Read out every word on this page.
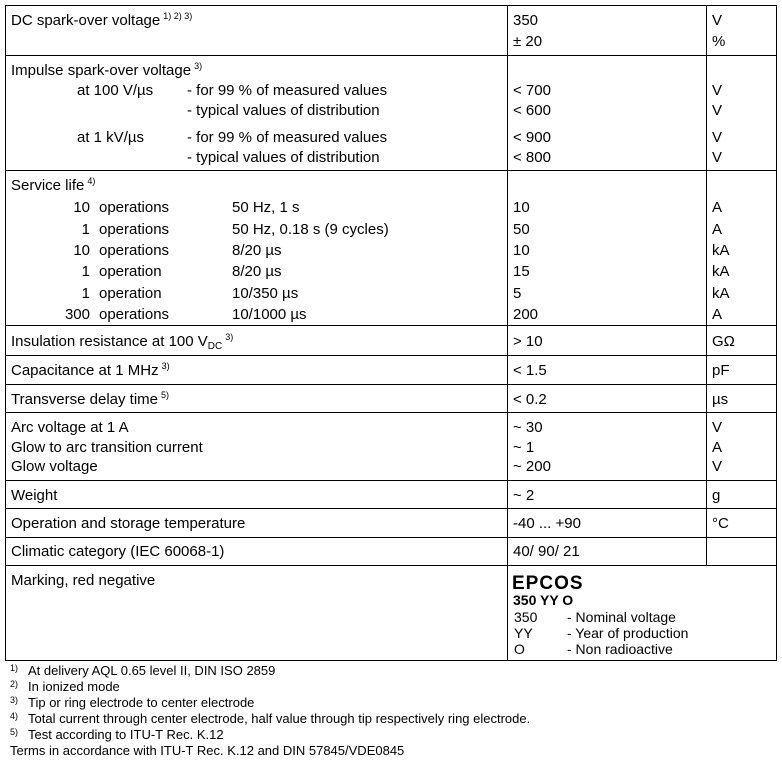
DC spark-over voltage $^{1) 2) 3)}$	350	V
± 20	%
Impulse spark-over voltage $^{3)}$
at 100 V/µs - for 99 % of measured values	< 700	V
- typical values of distribution	< 600	V
at 1 kV/µs	- for 99 % of measured values	< 900	V
- typical values of distribution	< 800	V
Service life $^{4)}$
10 operations	50 Hz, 1 s	10	A
1 operations	50 Hz, 0.18 s (9 cycles)	50	A
10 operations	8/20 µs	10	kA
1 operation	8/20 µs	15	kA
1 operation	10/350 µs	5	kA
300 operations	10/1000 µs	200	A
Insulation resistance at 100 $V_{DC}^{3)}$	> 10	GΩ
Capacitance at 1 MHz $^{3)}$	< 1.5	pF
Transverse delay time $^{5)}$	< 0.2	µs
Arc voltage at 1 A	~ 30	V
Glow to arc transition current	~ 1	A
Glow voltage	~ 200	V
Weight	~ 2	g
Operation and storage temperature	-40 ... +90	°C
Climatic category (IEC 60068-1)	40/ 90/ 21
Marking, red negative	EPCOS
350 YY O
350 - Nominal voltage
YY - Year of production
O	- Non radioactive
1) At delivery AQL 0.65 level II, DIN ISO 2859
2) In ionized mode
3) Tip or ring electrode to center electrode
4) Total current through center electrode, half value through tip respectively ring electrode.
5) Test according to ITU-T Rec. K.12
Terms in accordance with ITU-T Rec. K.12 and DIN 57845/VDE0845
